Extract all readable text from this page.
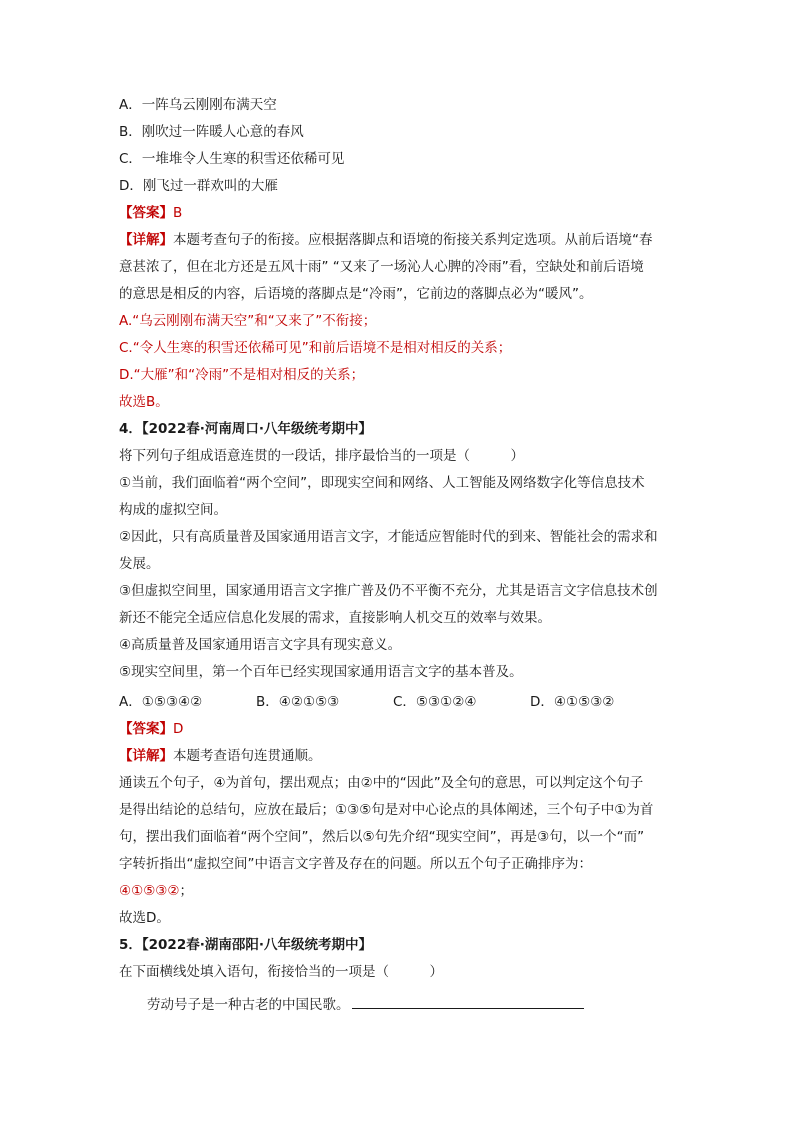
A．一阵乌云刚刚布满天空

B．刚吹过一阵暖人心意的春风

C．一堆堆令人生寒的积雪还依稀可见

D．刚飞过一群欢叫的大雁

【答案】B

【详解】本题考查句子的衔接。应根据落脚点和语境的衔接关系判定选项。从前后语境“春

意甚浓了，但在北方还是五风十雨” “又来了一场沁人心脾的冷雨”看，空缺处和前后语境

的意思是相反的内容，后语境的落脚点是“冷雨”，它前边的落脚点必为“暖风”。

A.“乌云刚刚布满天空”和“又来了”不衔接；

C.“令人生寒的积雪还依稀可见”和前后语境不是相对相反的关系；

D.“大雁”和“冷雨”不是相对相反的关系；

故选B。

4．【2022春·河南周口·八年级统考期中】

将下列句子组成语意连贯的一段话，排序最恰当的一项是（　　　）

①当前，我们面临着“两个空间”，即现实空间和网络、人工智能及网络数字化等信息技术

构成的虚拟空间。

②因此，只有高质量普及国家通用语言文字，才能适应智能时代的到来、智能社会的需求和

发展。

③但虚拟空间里，国家通用语言文字推广普及仍不平衡不充分，尤其是语言文字信息技术创

新还不能完全适应信息化发展的需求，直接影响人机交互的效率与效果。

④高质量普及国家通用语言文字具有现实意义。

⑤现实空间里，第一个百年已经实现国家通用语言文字的基本普及。

A．①⑤③④②	B．④②①⑤③	C．⑤③①②④	D．④①⑤③②

【答案】D

【详解】本题考查语句连贯通顺。

通读五个句子，④为首句，摆出观点；由②中的“因此”及全句的意思，可以判定这个句子

是得出结论的总结句，应放在最后；①③⑤句是对中心论点的具体阐述，三个句子中①为首

句，摆出我们面临着“两个空间”，然后以⑤句先介绍“现实空间”，再是③句，以一个“而”

字转折指出“虚拟空间”中语言文字普及存在的问题。所以五个句子正确排序为：

④①⑤③②；

故选D。

5．【2022春·湖南邵阳·八年级统考期中】

在下面横线处填入语句，衔接恰当的一项是（　　　）

劳动号子是一种古老的中国民歌。
